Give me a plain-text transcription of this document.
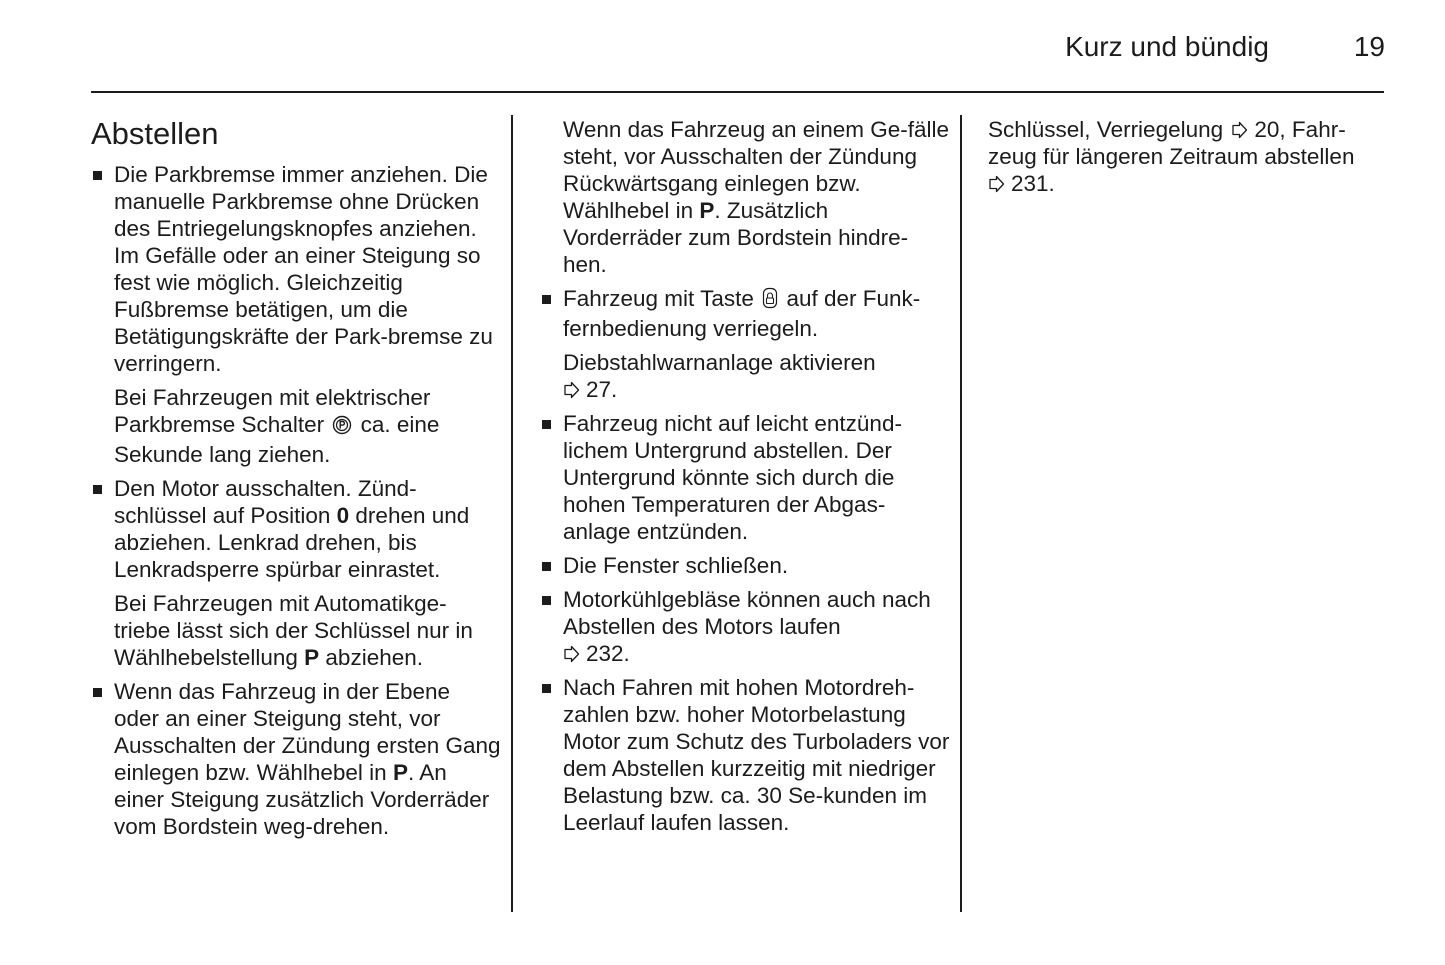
Kurz und bündig	19
Abstellen
Die Parkbremse immer anziehen. Die manuelle Parkbremse ohne Drücken des Entriegelungsknopfes anziehen. Im Gefälle oder an einer Steigung so fest wie möglich. Gleichzeitig Fußbremse betätigen, um die Betätigungskräfte der Park-bremse zu verringern.
Bei Fahrzeugen mit elektrischer Parkbremse Schalter ca. eine Sekunde lang ziehen.
Den Motor ausschalten. Zünd-schlüssel auf Position 0 drehen und abziehen. Lenkrad drehen, bis Lenkradsperre spürbar einrastet.
Bei Fahrzeugen mit Automatikge-triebe lässt sich der Schlüssel nur in Wählhebelstellung P abziehen.
Wenn das Fahrzeug in der Ebene oder an einer Steigung steht, vor Ausschalten der Zündung ersten Gang einlegen bzw. Wählhebel in P. An einer Steigung zusätzlich Vorderräder vom Bordstein weg-drehen.
Wenn das Fahrzeug an einem Ge-fälle steht, vor Ausschalten der Zündung Rückwärtsgang einlegen bzw. Wählhebel in P. Zusätzlich Vorderräder zum Bordstein hindre-hen.
Fahrzeug mit Taste auf der Funk-fernbedienung verriegeln.
Diebstahlwarnanlage aktivieren

27.
Fahrzeug nicht auf leicht entzünd-lichem Untergrund abstellen. Der Untergrund könnte sich durch die hohen Temperaturen der Abgas-anlage entzünden.
Die Fenster schließen.
Motorkühlgebläse können auch nach Abstellen des Motors laufen

232.
Nach Fahren mit hohen Motordreh-zahlen bzw. hoher Motorbelastung Motor zum Schutz des Turboladers vor dem Abstellen kurzzeitig mit niedriger Belastung bzw. ca. 30 Se-kunden im Leerlauf laufen lassen.

Schlüssel, Verriegelung 20, Fahr-zeug für längeren Zeitraum abstellen

231.
